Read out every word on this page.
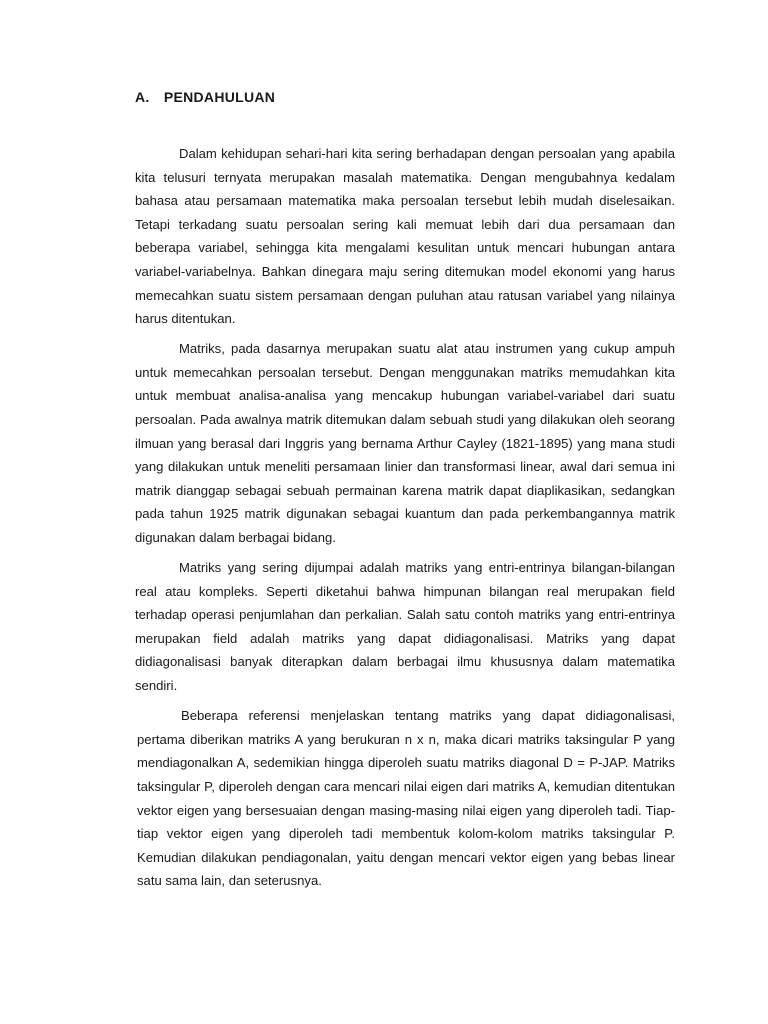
A. PENDAHULUAN

Dalam kehidupan sehari-hari kita sering berhadapan dengan persoalan yang apabila kita telusuri ternyata merupakan masalah matematika. Dengan mengubahnya kedalam bahasa atau persamaan matematika maka persoalan tersebut lebih mudah diselesaikan. Tetapi terkadang suatu persoalan sering kali memuat lebih dari dua persamaan dan beberapa variabel, sehingga kita mengalami kesulitan untuk mencari hubungan antara variabel-variabelnya. Bahkan dinegara maju sering ditemukan model ekonomi yang harus memecahkan suatu sistem persamaan dengan puluhan atau ratusan variabel yang nilainya harus ditentukan.

Matriks, pada dasarnya merupakan suatu alat atau instrumen yang cukup ampuh untuk memecahkan persoalan tersebut. Dengan menggunakan matriks memudahkan kita untuk membuat analisa-analisa yang mencakup hubungan variabel-variabel dari suatu persoalan. Pada awalnya matrik ditemukan dalam sebuah studi yang dilakukan oleh seorang ilmuan yang berasal dari Inggris yang bernama Arthur Cayley (1821-1895) yang mana studi yang dilakukan untuk meneliti persamaan linier dan transformasi linear, awal dari semua ini matrik dianggap sebagai sebuah permainan karena matrik dapat diaplikasikan, sedangkan pada tahun 1925 matrik digunakan sebagai kuantum dan pada perkembangannya matrik digunakan dalam berbagai bidang.

Matriks yang sering dijumpai adalah matriks yang entri-entrinya bilangan-bilangan real atau kompleks. Seperti diketahui bahwa himpunan bilangan real merupakan field terhadap operasi penjumlahan dan perkalian. Salah satu contoh matriks yang entri-entrinya merupakan field adalah matriks yang dapat didiagonalisasi. Matriks yang dapat didiagonalisasi banyak diterapkan dalam berbagai ilmu khususnya dalam matematika sendiri.

Beberapa referensi menjelaskan tentang matriks yang dapat didiagonalisasi, pertama diberikan matriks A yang berukuran n x n, maka dicari matriks taksingular P yang mendiagonalkan A, sedemikian hingga diperoleh suatu matriks diagonal D = P-JAP. Matriks taksingular P, diperoleh dengan cara mencari nilai eigen dari matriks A, kemudian ditentukan vektor eigen yang bersesuaian dengan masing-masing nilai eigen yang diperoleh tadi. Tiap-tiap vektor eigen yang diperoleh tadi membentuk kolom-kolom matriks taksingular P. Kemudian dilakukan pendiagonalan, yaitu dengan mencari vektor eigen yang bebas linear satu sama lain, dan seterusnya.
